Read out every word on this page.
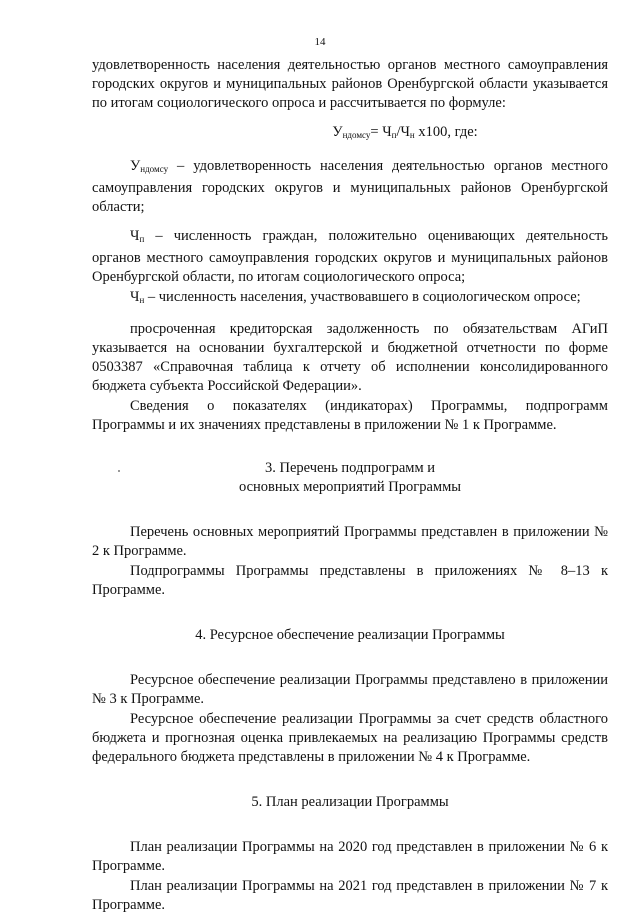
14

удовлетворенность населения деятельностью органов местного самоуправления городских округов и муниципальных районов Оренбургской области указывается по итогам социологического опроса и рассчитывается по формуле:

$У_{ндомсу}= Ч_п/Ч_н$ х100, где:

$У_{ндомсу}$ – удовлетворенность населения деятельностью органов местного самоуправления городских округов и муниципальных районов Оренбургской области;

$Ч_п$ – численность граждан, положительно оценивающих деятельность органов местного самоуправления городских округов и муниципальных районов Оренбургской области, по итогам социологического опроса;

$Ч_н$ – численность населения, участвовавшего в социологическом опросе;

просроченная кредиторская задолженность по обязательствам АГиП указывается на основании бухгалтерской и бюджетной отчетности по форме 0503387 «Справочная таблица к отчету об исполнении консолидированного бюджета субъекта Российской Федерации».

Сведения о показателях (индикаторах) Программы, подпрограмм Программы и их значениях представлены в приложении № 1 к Программе.

3. Перечень подпрограмм и

основных мероприятий Программы

Перечень основных мероприятий Программы представлен в приложении № 2 к Программе.

Подпрограммы Программы представлены в приложениях № 8–13 к Программе.

4. Ресурсное обеспечение реализации Программы

Ресурсное обеспечение реализации Программы представлено в приложении № 3 к Программе.

Ресурсное обеспечение реализации Программы за счет средств областного бюджета и прогнозная оценка привлекаемых на реализацию Программы средств федерального бюджета представлены в приложении № 4 к Программе.

5. План реализации Программы

План реализации Программы на 2020 год представлен в приложении № 6 к Программе.

План реализации Программы на 2021 год представлен в приложении № 7 к Программе.
